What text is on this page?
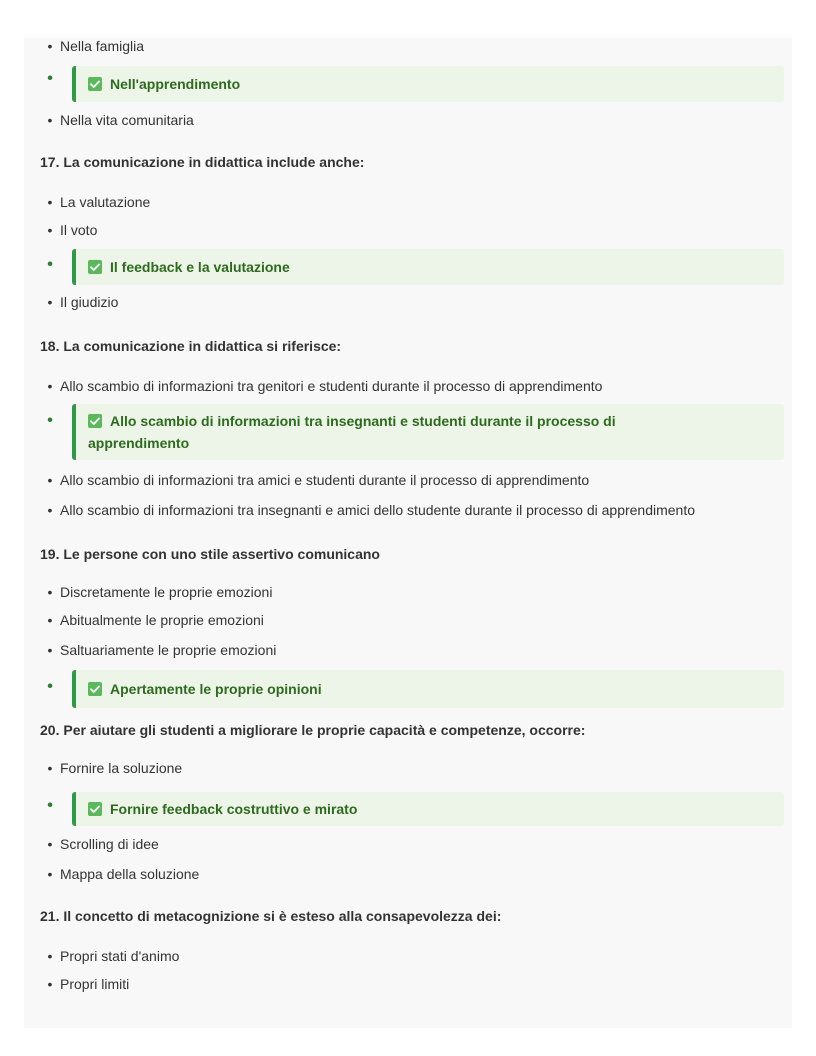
• Nella famiglia
•	Nell'apprendimento
• Nella vita comunitaria
17. La comunicazione in didattica include anche:
• La valutazione
• Il voto
•	Il feedback e la valutazione
• Il giudizio
18. La comunicazione in didattica si riferisce:
• Allo scambio di informazioni tra genitori e studenti durante il processo di apprendimento
•	Allo scambio di informazioni tra insegnanti e studenti durante il processo di
apprendimento
• Allo scambio di informazioni tra amici e studenti durante il processo di apprendimento
• Allo scambio di informazioni tra insegnanti e amici dello studente durante il processo di apprendimento
19. Le persone con uno stile assertivo comunicano
• Discretamente le proprie emozioni
• Abitualmente le proprie emozioni
• Saltuariamente le proprie emozioni
•	Apertamente le proprie opinioni
20. Per aiutare gli studenti a migliorare le proprie capacità e competenze, occorre:
• Fornire la soluzione
•	Fornire feedback costruttivo e mirato
• Scrolling di idee
• Mappa della soluzione
21. Il concetto di metacognizione si è esteso alla consapevolezza dei:
• Propri stati d'animo
• Propri limiti
